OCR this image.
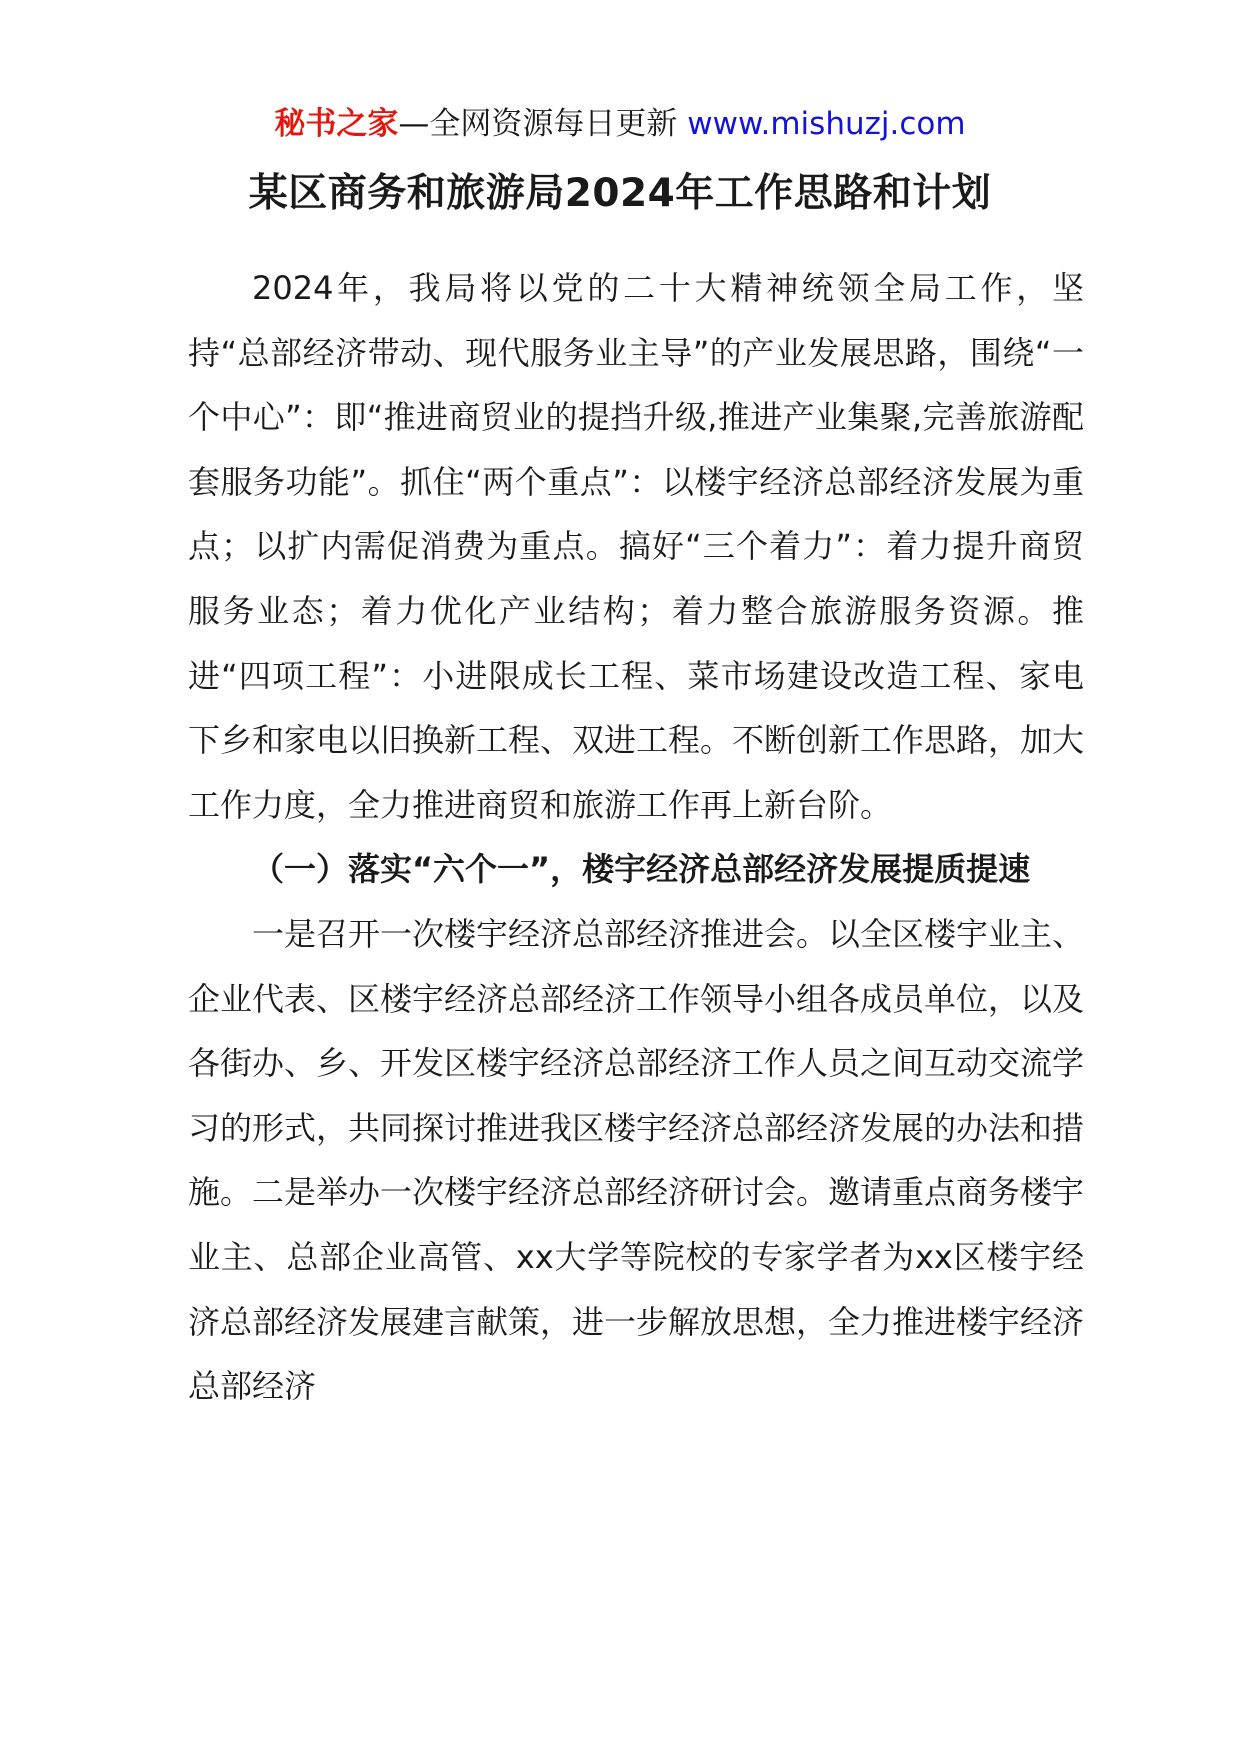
秘书之家—全网资源每日更新 www.mishuzj.com
某区商务和旅游局2024年工作思路和计划

2024年，我局将以党的二十大精神统领全局工作，坚持“总部经济带动、现代服务业主导”的产业发展思路，围绕“一个中心”：即“推进商贸业的提挡升级,推进产业集聚,完善旅游配套服务功能”。抓住“两个重点”：以楼宇经济总部经济发展为重点；以扩内需促消费为重点。搞好“三个着力”：着力提升商贸服务业态；着力优化产业结构；着力整合旅游服务资源。推进“四项工程”：小进限成长工程、菜市场建设改造工程、家电下乡和家电以旧换新工程、双进工程。不断创新工作思路，加大工作力度，全力推进商贸和旅游工作再上新台阶。

（一）落实“六个一”，楼宇经济总部经济发展提质提速

一是召开一次楼宇经济总部经济推进会。以全区楼宇业主、企业代表、区楼宇经济总部经济工作领导小组各成员单位，以及各街办、乡、开发区楼宇经济总部经济工作人员之间互动交流学习的形式，共同探讨推进我区楼宇经济总部经济发展的办法和措施。二是举办一次楼宇经济总部经济研讨会。邀请重点商务楼宇业主、总部企业高管、xx大学等院校的专家学者为xx区楼宇经济总部经济发展建言献策，进一步解放思想，全力推进楼宇经济总部经济
